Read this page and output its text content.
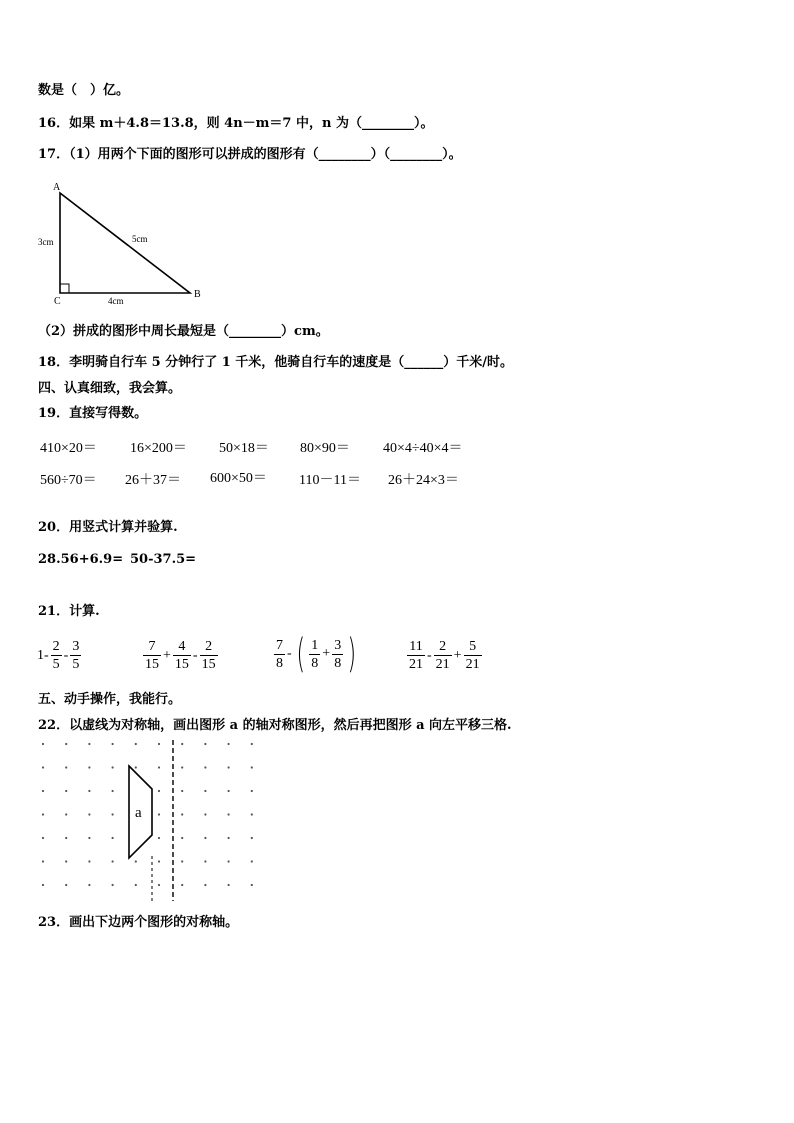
数是（　）亿。
16．如果 m＋4.8＝13.8，则 4n－m＝7 中，n 为（________）。
17．（1）用两个下面的图形可以拼成的图形有（________）（________）。
A
B
C
3cm	5cm
4cm
（2）拼成的图形中周长最短是（________）cm。
18．李明骑自行车 5 分钟行了 1 千米，他骑自行车的速度是（______）千米/时。
四、认真细致，我会算。
19．直接写得数。
410×20＝ 16×200＝ 50×18＝ 80×90＝ 40×4÷40×4＝
560÷70＝ 26＋37＝ 600×50＝ 110－11＝ 26＋24×3＝
20．用竖式计算并验算.
28.56+6.9= 50-37.5=
21．计算.
$1- \frac{2}{5} - \frac{3}{5}$	$\frac{7}{15} + \frac{4}{15} - \frac{2}{15}$	$\frac{7}{8}$ - ( $\frac{1}{8} + \frac{3}{8}$ )	$\frac{11}{21} - \frac{2}{21} + \frac{5}{21}$
五、动手操作，我能行。
22．以虚线为对称轴，画出图形 a 的轴对称图形，然后再把图形 a 向左平移三格.
a
23．画出下边两个图形的对称轴。
